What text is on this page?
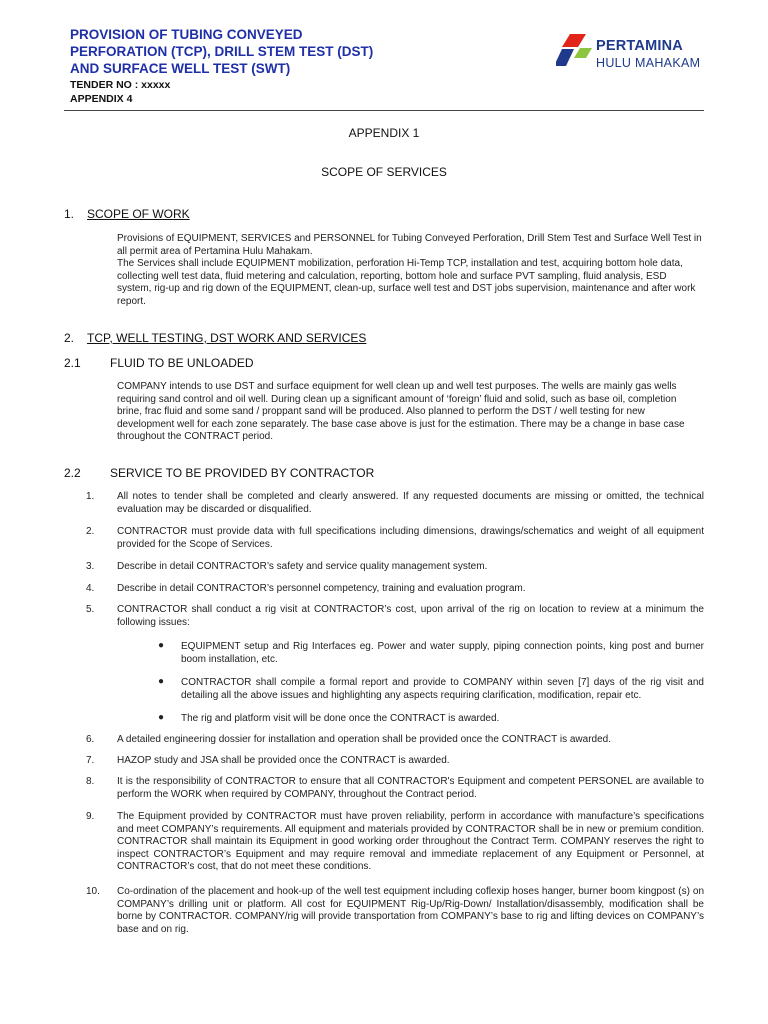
PROVISION OF TUBING CONVEYED
PERFORATION (TCP), DRILL STEM TEST (DST)
AND SURFACE WELL TEST (SWT)
TENDER NO : xxxxx
APPENDIX 4
PERTAMINA
HULU MAHAKAM
APPENDIX 1
SCOPE OF SERVICES
1. SCOPE OF WORK

Provisions of EQUIPMENT, SERVICES and PERSONNEL for Tubing Conveyed Perforation, Drill Stem Test and Surface Well Test in all permit area of Pertamina Hulu Mahakam.

The Services shall include EQUIPMENT mobilization, perforation Hi-Temp TCP, installation and test, acquiring bottom hole data, collecting well test data, fluid metering and calculation, reporting, bottom hole and surface PVT sampling, fluid analysis, ESD system, rig-up and rig down of the EQUIPMENT, clean-up, surface well test and DST jobs supervision, maintenance and after work report.

2. TCP, WELL TESTING, DST WORK AND SERVICES
2.1 FLUID TO BE UNLOADED

COMPANY intends to use DST and surface equipment for well clean up and well test purposes. The wells are mainly gas wells requiring sand control and oil well. During clean up a significant amount of ‘foreign’ fluid and solid, such as base oil, completion brine, frac fluid and some sand / proppant sand will be produced. Also planned to perform the DST / well testing for new development well for each zone separately. The base case above is just for the estimation. There may be a change in base case throughout the CONTRACT period.

2.2 SERVICE TO BE PROVIDED BY CONTRACTOR
1.	All notes to tender shall be completed and clearly answered. If any requested documents are missing or omitted, the technical evaluation may be discarded or disqualified.
2.	CONTRACTOR must provide data with full specifications including dimensions, drawings/schematics and weight of all equipment provided for the Scope of Services.
3.	Describe in detail CONTRACTOR’s safety and service quality management system.
4.	Describe in detail CONTRACTOR’s personnel competency, training and evaluation program.
5.	CONTRACTOR shall conduct a rig visit at CONTRACTOR’s cost, upon arrival of the rig on location to review at a minimum the following issues:
● EQUIPMENT setup and Rig Interfaces eg. Power and water supply, piping connection points, king post and burner boom installation, etc.
● CONTRACTOR shall compile a formal report and provide to COMPANY within seven [7] days of the rig visit and detailing all the above issues and highlighting any aspects requiring clarification, modification, repair etc.
● The rig and platform visit will be done once the CONTRACT is awarded.
6.	A detailed engineering dossier for installation and operation shall be provided once the CONTRACT is awarded.
7.	HAZOP study and JSA shall be provided once the CONTRACT is awarded.
8.	It is the responsibility of CONTRACTOR to ensure that all CONTRACTOR's Equipment and competent PERSONEL are available to perform the WORK when required by COMPANY, throughout the Contract period.
9.	The Equipment provided by CONTRACTOR must have proven reliability, perform in accordance with manufacture’s specifications and meet COMPANY’s requirements. All equipment and materials provided by CONTRACTOR shall be in new or premium condition. CONTRACTOR shall maintain its Equipment in good working order throughout the Contract Term. COMPANY reserves the right to inspect CONTRACTOR’s Equipment and may require removal and immediate replacement of any Equipment or Personnel, at CONTRACTOR’s cost, that do not meet these conditions.
10.	Co-ordination of the placement and hook-up of the well test equipment including coflexip hoses hanger, burner boom kingpost (s) on COMPANY’s drilling unit or platform. All cost for EQUIPMENT Rig-Up/Rig-Down/ Installation/disassembly, modification shall be borne by CONTRACTOR. COMPANY/rig will provide transportation from COMPANY’s base to rig and lifting devices on COMPANY’s base and on rig.
